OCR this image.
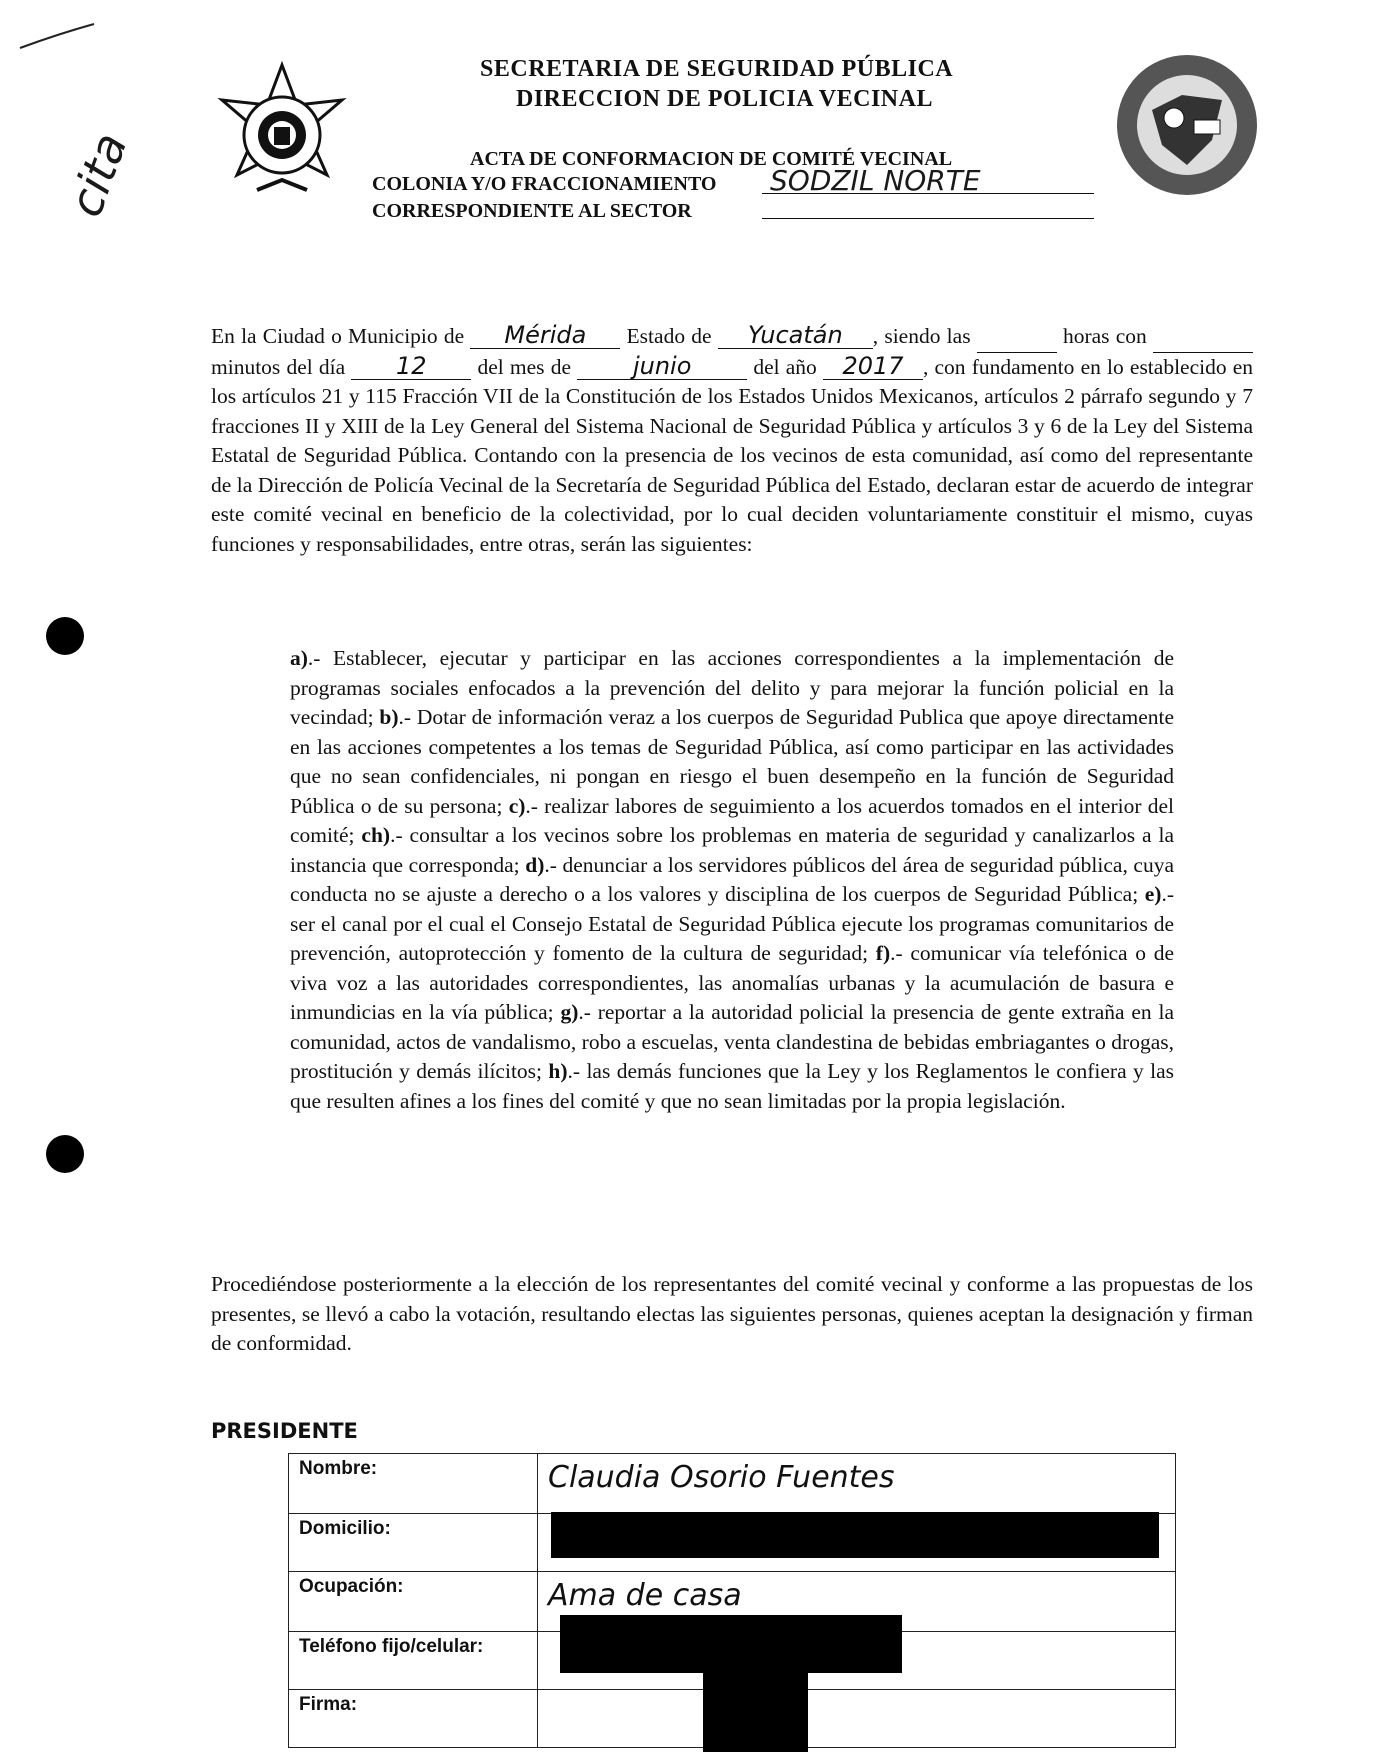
cita
SECRETARIA DE SEGURIDAD PÚBLICA
DIRECCION DE POLICIA VECINAL
ACTA DE CONFORMACION DE COMITÉ VECINAL
COLONIA Y/O FRACCIONAMIENTO SODZIL NORTE
CORRESPONDIENTE AL SECTOR
En la Ciudad o Municipio de Mérida Estado de Yucatán , siendo las	horas con   minutos del día 12 del mes de	junio	del año 2017 , con fundamento en lo establecido en los artículos 21 y 115 Fracción VII de la Constitución de los Estados Unidos Mexicanos, artículos 2 párrafo segundo y 7 fracciones II y XIII de la Ley General del Sistema Nacional de Seguridad Pública y artículos 3 y 6 de la Ley del Sistema Estatal de Seguridad Pública. Contando con la presencia de los vecinos de esta comunidad, así como del representante de la Dirección de Policía Vecinal de la Secretaría de Seguridad Pública del Estado, declaran estar de acuerdo de integrar este comité vecinal en beneficio de la colectividad, por lo cual deciden voluntariamente constituir el mismo, cuyas funciones y responsabilidades, entre otras, serán las siguientes:
a).- Establecer, ejecutar y participar en las acciones correspondientes a la implementación de programas sociales enfocados a la prevención del delito y para mejorar la función policial en la vecindad; b).- Dotar de información veraz a los cuerpos de Seguridad Publica que apoye directamente en las acciones competentes a los temas de Seguridad Pública, así como participar en las actividades que no sean confidenciales, ni pongan en riesgo el buen desempeño en la función de Seguridad Pública o de su persona; c).- realizar labores de seguimiento a los acuerdos tomados en el interior del comité; ch).- consultar a los vecinos sobre los problemas en materia de seguridad y canalizarlos a la instancia que corresponda; d).- denunciar a los servidores públicos del área de seguridad pública, cuya conducta no se ajuste a derecho o a los valores y disciplina de los cuerpos de Seguridad Pública; e).- ser el canal por el cual el Consejo Estatal de Seguridad Pública ejecute los programas comunitarios de prevención, autoprotección y fomento de la cultura de seguridad; f).- comunicar vía telefónica o de viva voz a las autoridades correspondientes, las anomalías urbanas y la acumulación de basura e inmundicias en la vía pública; g).- reportar a la autoridad policial la presencia de gente extraña en la comunidad, actos de vandalismo, robo a escuelas, venta clandestina de bebidas embriagantes o drogas, prostitución y demás ilícitos; h).- las demás funciones que la Ley y los Reglamentos le confiera y las que resulten afines a los fines del comité y que no sean limitadas por la propia legislación.
Procediéndose posteriormente a la elección de los representantes del comité vecinal y conforme a las propuestas de los presentes, se llevó a cabo la votación, resultando electas las siguientes personas, quienes aceptan la designación y firman de conformidad.
PRESIDENTE
Nombre:	Claudia Osorio Fuentes
Domicilio:	
Ocupación:	Ama de casa
Teléfono fijo/celular:	
Firma:	
